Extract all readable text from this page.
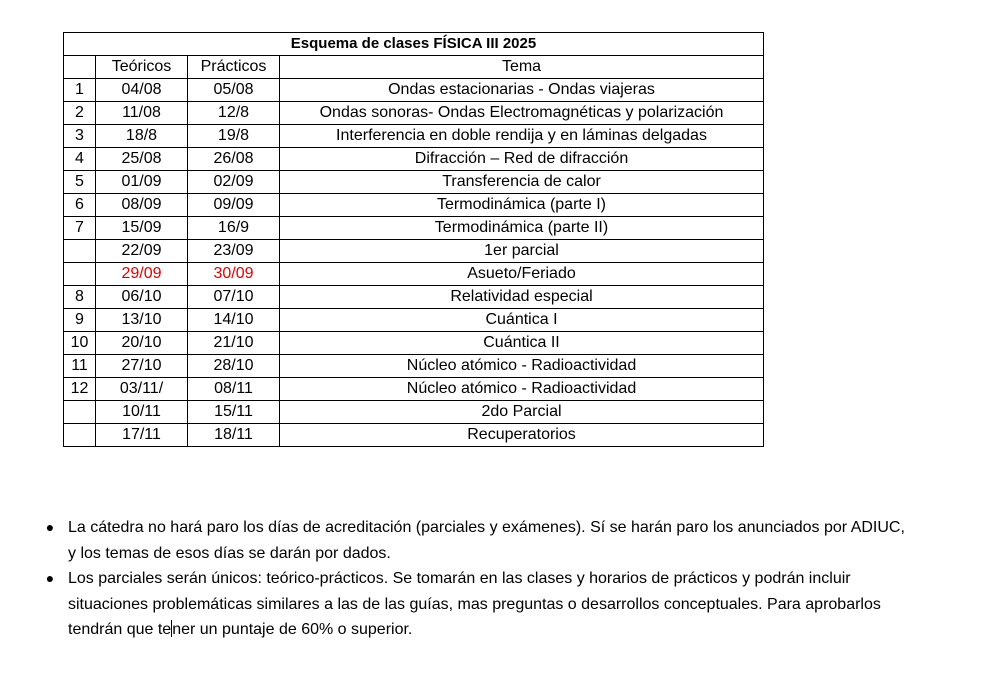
Esquema de clases FÍSICA III 2025			
	Teóricos	Prácticos	Tema
1	04/08	05/08	Ondas estacionarias - Ondas viajeras
2	11/08	12/8	Ondas sonoras- Ondas Electromagnéticas y polarización
3	18/8	19/8	Interferencia en doble rendija y en láminas delgadas
4	25/08	26/08	Difracción – Red de difracción
5	01/09	02/09	Transferencia de calor
6	08/09	09/09	Termodinámica (parte I)
7	15/09	16/9	Termodinámica (parte II)
	22/09	23/09	1er parcial
	29/09	30/09	Asueto/Feriado
8	06/10	07/10	Relatividad especial
9	13/10	14/10	Cuántica I
10	20/10	21/10	Cuántica II
11	27/10	28/10	Núcleo atómico - Radioactividad
12	03/11/	08/11	Núcleo atómico - Radioactividad
	10/11	15/11	2do Parcial
	17/11	18/11	Recuperatorios
● La cátedra no hará paro los días de acreditación (parciales y exámenes). Sí se harán paro los anunciados por ADIUC,
y los temas de esos días se darán por dados.
● Los parciales serán únicos: teórico-prácticos. Se tomarán en las clases y horarios de prácticos y podrán incluir
situaciones problemáticas similares a las de las guías, mas preguntas o desarrollos conceptuales. Para aprobarlos
tendrán que tener un puntaje de 60% o superior.
